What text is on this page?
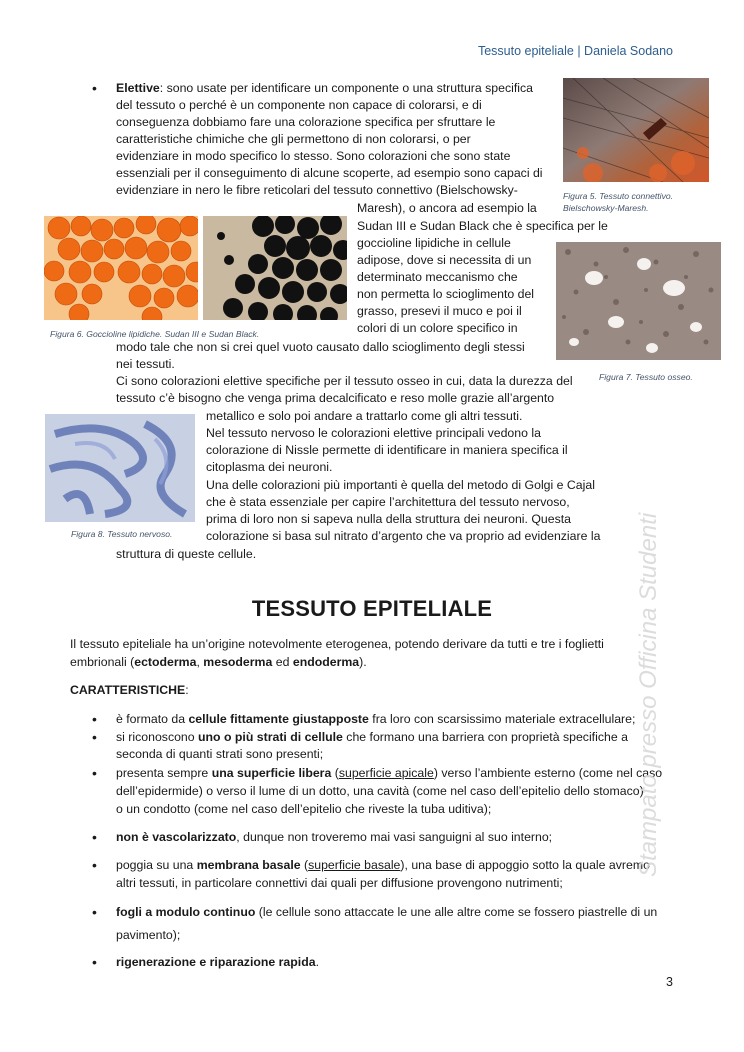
Tessuto epiteliale | Daniela Sodano
Figura 5. Tessuto connettivo.
Bielschowsky-Maresh.
Figura 6. Goccioline lipidiche. Sudan III e Sudan Black.
Figura 7. Tessuto osseo.
Figura 8. Tessuto nervoso.
• Elettive: sono usate per identificare un componente o una struttura specifica
del tessuto o perché è un componente non capace di colorarsi, e di
conseguenza dobbiamo fare una colorazione specifica per sfruttare le
caratteristiche chimiche che gli permettono di non colorarsi, o per
evidenziare in modo specifico lo stesso. Sono colorazioni che sono state
essenziali per il conseguimento di alcune scoperte, ad esempio sono capaci di
evidenziare in nero le fibre reticolari del tessuto connettivo (Bielschowsky-
Maresh), o ancora ad esempio la
Sudan III e Sudan Black che è specifica per le
goccioline lipidiche in cellule
adipose, dove si necessita di un
determinato meccanismo che
non permetta lo scioglimento del
grasso, presevi il muco e poi il
colori di un colore specifico in
modo tale che non si crei quel vuoto causato dallo scioglimento degli stessi
nei tessuti.
Ci sono colorazioni elettive specifiche per il tessuto osseo in cui, data la durezza del
tessuto c’è bisogno che venga prima decalcificato e reso molle grazie all’argento
metallico e solo poi andare a trattarlo come gli altri tessuti.
Nel tessuto nervoso le colorazioni elettive principali vedono la
colorazione di Nissle permette di identificare in maniera specifica il
citoplasma dei neuroni.
Una delle colorazioni più importanti è quella del metodo di Golgi e Cajal
che è stata essenziale per capire l’architettura del tessuto nervoso,
prima di loro non si sapeva nulla della struttura dei neuroni. Questa
colorazione si basa sul nitrato d’argento che va proprio ad evidenziare la
struttura di queste cellule.
TESSUTO EPITELIALE
Il tessuto epiteliale ha un’origine notevolmente eterogenea, potendo derivare da tutti e tre i foglietti
embrionali (ectoderma, mesoderma ed endoderma).
CARATTERISTICHE:
• è formato da cellule fittamente giustapposte fra loro con scarsissimo materiale extracellulare;
• si riconoscono uno o più strati di cellule che formano una barriera con proprietà specifiche a
seconda di quanti strati sono presenti;
• presenta sempre una superficie libera (superficie apicale) verso l’ambiente esterno (come nel caso
dell’epidermide) o verso il lume di un dotto, una cavità (come nel caso dell’epitelio dello stomaco)
o un condotto (come nel caso dell’epitelio che riveste la tuba uditiva);
• non è vascolarizzato, dunque non troveremo mai vasi sanguigni al suo interno;
• poggia su una membrana basale (superficie basale), una base di appoggio sotto la quale avremo
altri tessuti, in particolare connettivi dai quali per diffusione provengono nutrimenti;
• fogli a modulo continuo (le cellule sono attaccate le une alle altre come se fossero piastrelle di un
pavimento);
• rigenerazione e riparazione rapida.
Stampato presso Officina Studenti
3
